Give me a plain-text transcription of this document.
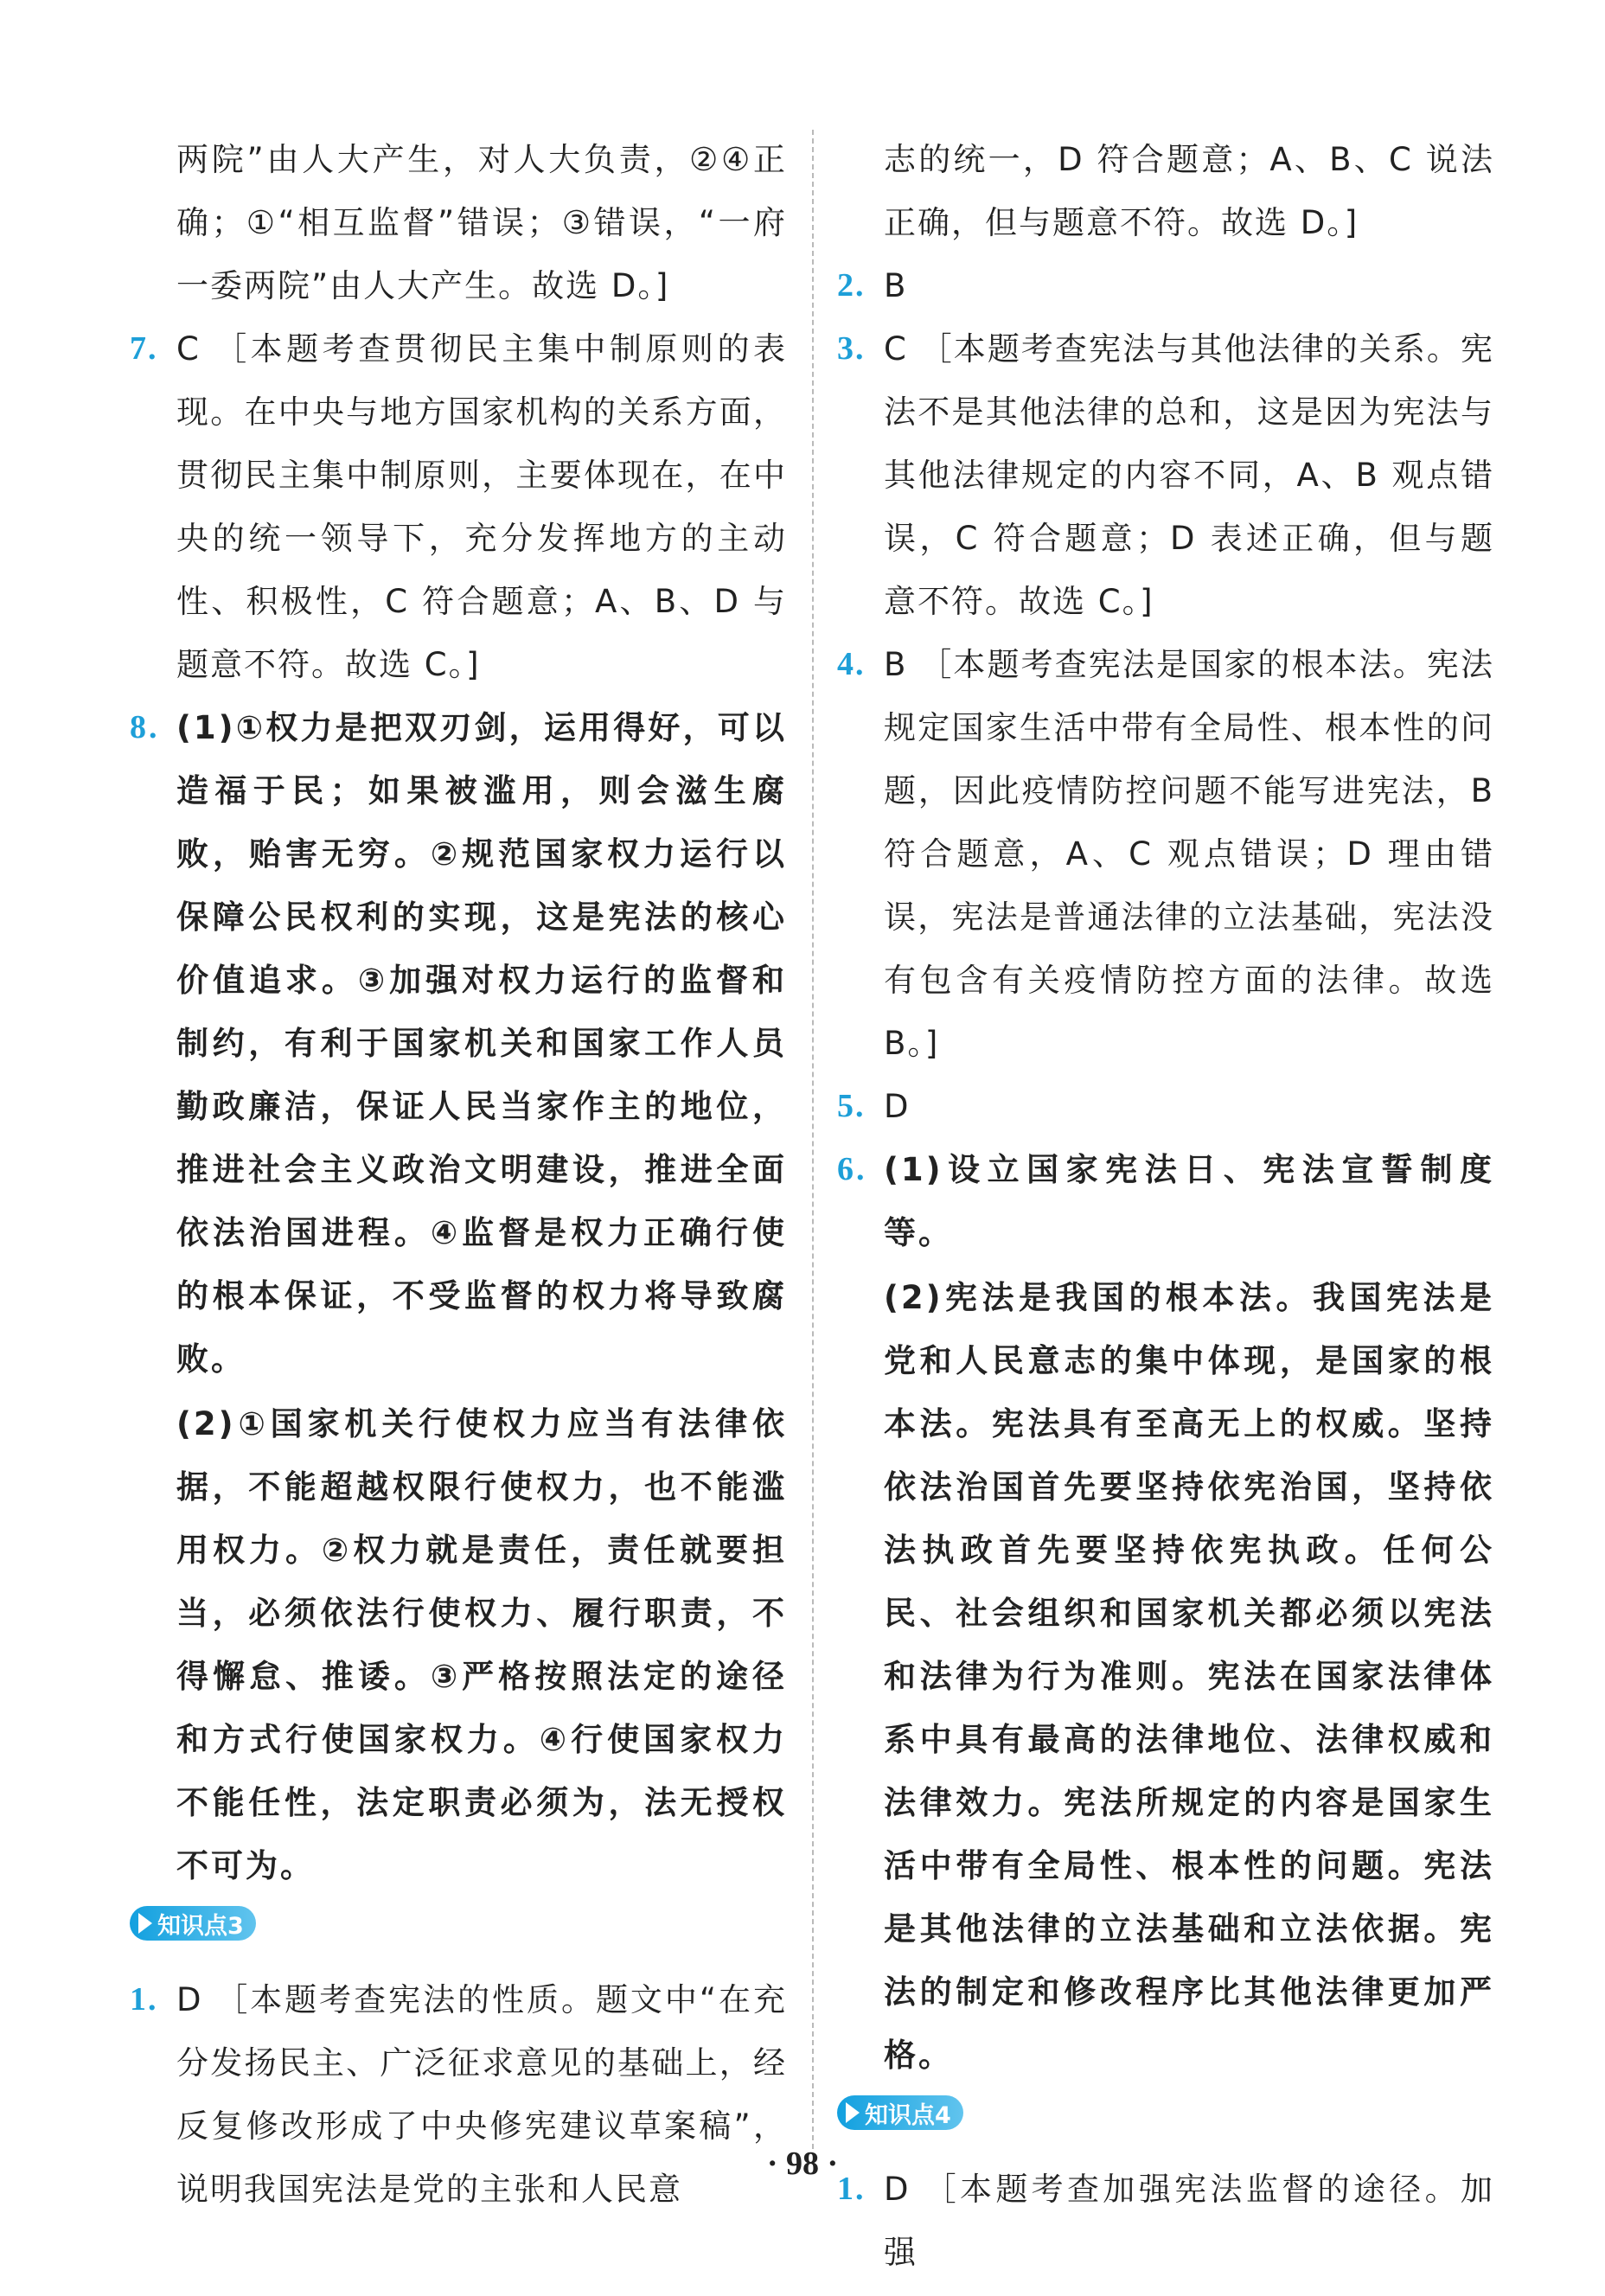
两院”由人大产生，对人大负责，②④正确；①“相互监督”错误；③错误，“一府一委两院”由人大产生。故选 D。]
7. C ［本题考查贯彻民主集中制原则的表现。在中央与地方国家机构的关系方面，贯彻民主集中制原则，主要体现在，在中央的统一领导下，充分发挥地方的主动性、积极性，C 符合题意；A、B、D 与题意不符。故选 C。]
8. (1)①权力是把双刃剑，运用得好，可以造福于民；如果被滥用，则会滋生腐败，贻害无穷。②规范国家权力运行以保障公民权利的实现，这是宪法的核心价值追求。③加强对权力运行的监督和制约，有利于国家机关和国家工作人员勤政廉洁，保证人民当家作主的地位，推进社会主义政治文明建设，推进全面依法治国进程。④监督是权力正确行使的根本保证，不受监督的权力将导致腐败。
(2)①国家机关行使权力应当有法律依据，不能超越权限行使权力，也不能滥用权力。②权力就是责任，责任就要担当，必须依法行使权力、履行职责，不得懈怠、推诿。③严格按照法定的途径和方式行使国家权力。④行使国家权力不能任性，法定职责必须为，法无授权不可为。
知识点3
1. D ［本题考查宪法的性质。题文中“在充分发扬民主、广泛征求意见的基础上，经反复修改形成了中央修宪建议草案稿”，说明我国宪法是党的主张和人民意
志的统一，D 符合题意；A、B、C 说法正确，但与题意不符。故选 D。]
2. B
3. C ［本题考查宪法与其他法律的关系。宪法不是其他法律的总和，这是因为宪法与其他法律规定的内容不同，A、B 观点错误，C 符合题意；D 表述正确，但与题意不符。故选 C。]
4. B ［本题考查宪法是国家的根本法。宪法规定国家生活中带有全局性、根本性的问题，因此疫情防控问题不能写进宪法，B 符合题意，A、C 观点错误；D 理由错误，宪法是普通法律的立法基础，宪法没有包含有关疫情防控方面的法律。故选 B。]
5. D
6. (1)设立国家宪法日、宪法宣誓制度等。
(2)宪法是我国的根本法。我国宪法是党和人民意志的集中体现，是国家的根本法。宪法具有至高无上的权威。坚持依法治国首先要坚持依宪治国，坚持依法执政首先要坚持依宪执政。任何公民、社会组织和国家机关都必须以宪法和法律为行为准则。宪法在国家法律体系中具有最高的法律地位、法律权威和法律效力。宪法所规定的内容是国家生活中带有全局性、根本性的问题。宪法是其他法律的立法基础和立法依据。宪法的制定和修改程序比其他法律更加严格。
知识点4
1. D ［本题考查加强宪法监督的途径。加强
· 98 ·
